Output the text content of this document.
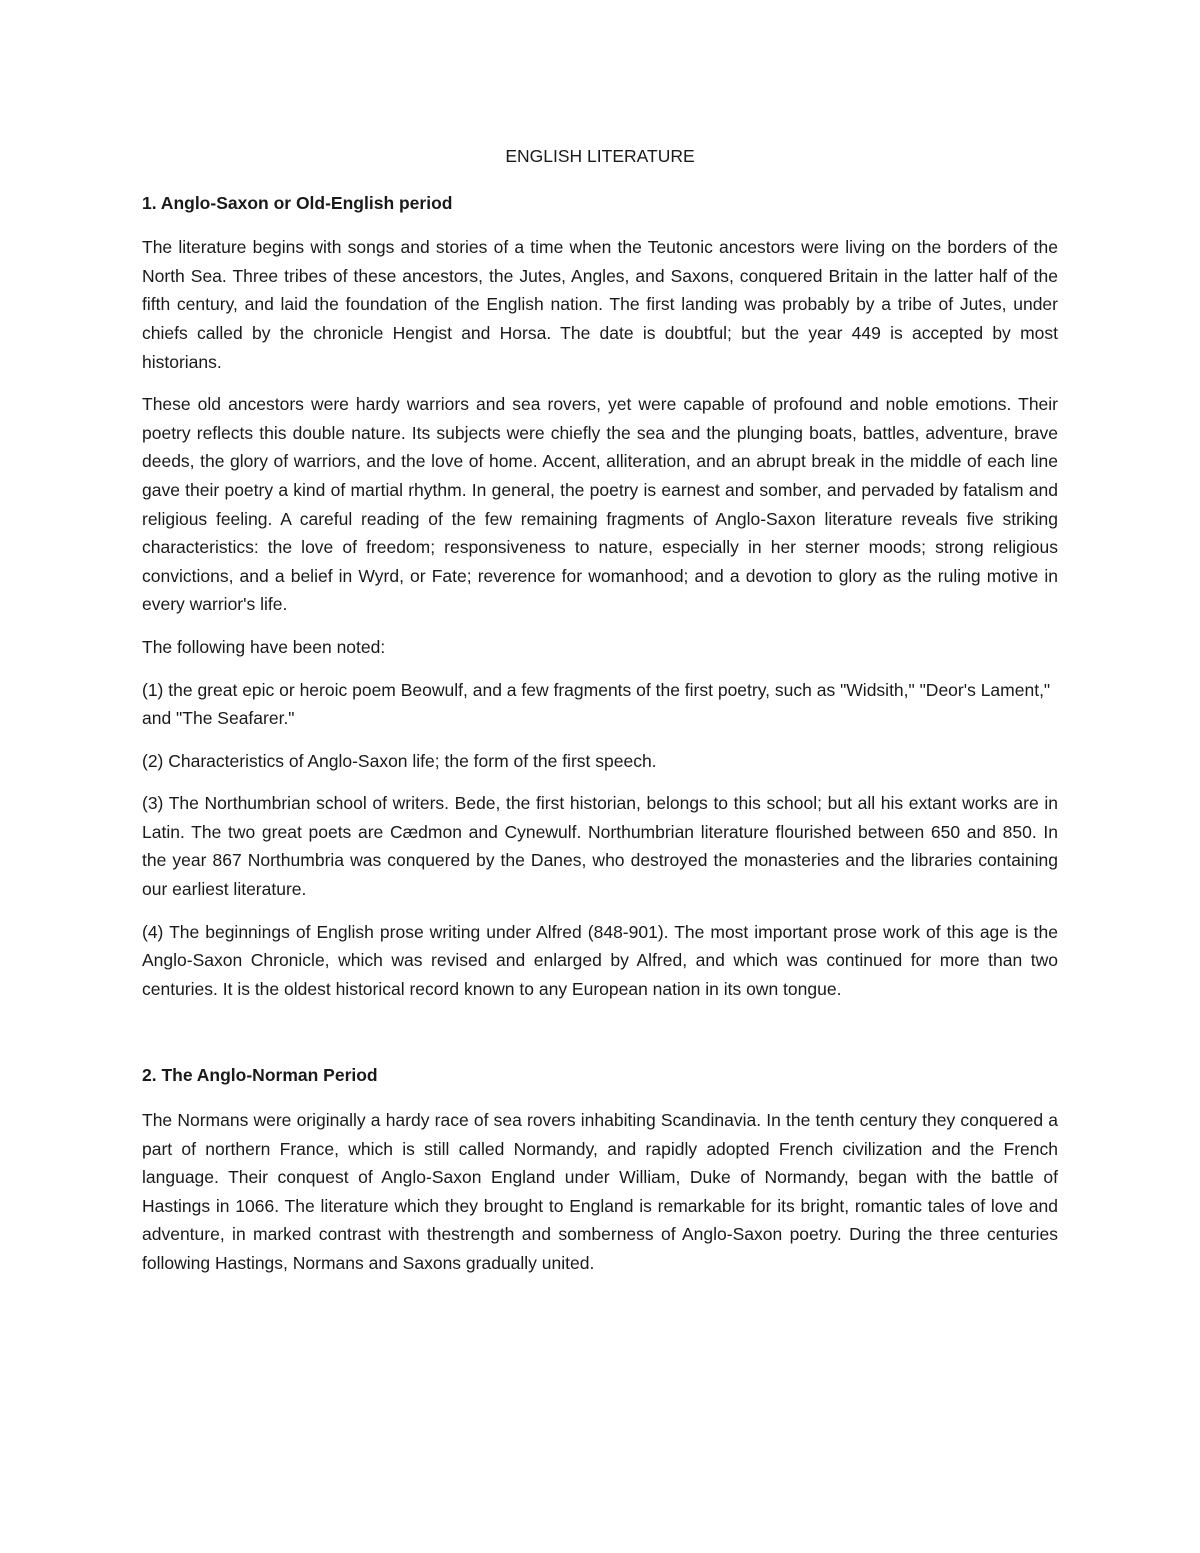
ENGLISH LITERATURE
1. Anglo-Saxon or Old-English period

The literature begins with songs and stories of a time when the Teutonic ancestors were living on the borders of the North Sea. Three tribes of these ancestors, the Jutes, Angles, and Saxons, conquered Britain in the latter half of the fifth century, and laid the foundation of the English nation. The first landing was probably by a tribe of Jutes, under chiefs called by the chronicle Hengist and Horsa. The date is doubtful; but the year 449 is accepted by most historians.

These old ancestors were hardy warriors and sea rovers, yet were capable of profound and noble emotions. Their poetry reflects this double nature. Its subjects were chiefly the sea and the plunging boats, battles, adventure, brave deeds, the glory of warriors, and the love of home. Accent, alliteration, and an abrupt break in the middle of each line gave their poetry a kind of martial rhythm. In general, the poetry is earnest and somber, and pervaded by fatalism and religious feeling. A careful reading of the few remaining fragments of Anglo-Saxon literature reveals five striking characteristics: the love of freedom; responsiveness to nature, especially in her sterner moods; strong religious convictions, and a belief in Wyrd, or Fate; reverence for womanhood; and a devotion to glory as the ruling motive in every warrior's life.

The following have been noted:

(1) the great epic or heroic poem Beowulf, and a few fragments of the first poetry, such as "Widsith," "Deor's Lament," and "The Seafarer."

(2) Characteristics of Anglo-Saxon life; the form of the first speech.

(3) The Northumbrian school of writers. Bede, the first historian, belongs to this school; but all his extant works are in Latin. The two great poets are Cædmon and Cynewulf. Northumbrian literature flourished between 650 and 850. In the year 867 Northumbria was conquered by the Danes, who destroyed the monasteries and the libraries containing our earliest literature.

(4) The beginnings of English prose writing under Alfred (848-901). The most important prose work of this age is the Anglo-Saxon Chronicle, which was revised and enlarged by Alfred, and which was continued for more than two centuries. It is the oldest historical record known to any European nation in its own tongue.

2. The Anglo-Norman Period

The Normans were originally a hardy race of sea rovers inhabiting Scandinavia. In the tenth century they conquered a part of northern France, which is still called Normandy, and rapidly adopted French civilization and the French language. Their conquest of Anglo-Saxon England under William, Duke of Normandy, began with the battle of Hastings in 1066. The literature which they brought to England is remarkable for its bright, romantic tales of love and adventure, in marked contrast with thestrength and somberness of Anglo-Saxon poetry. During the three centuries following Hastings, Normans and Saxons gradually united.
